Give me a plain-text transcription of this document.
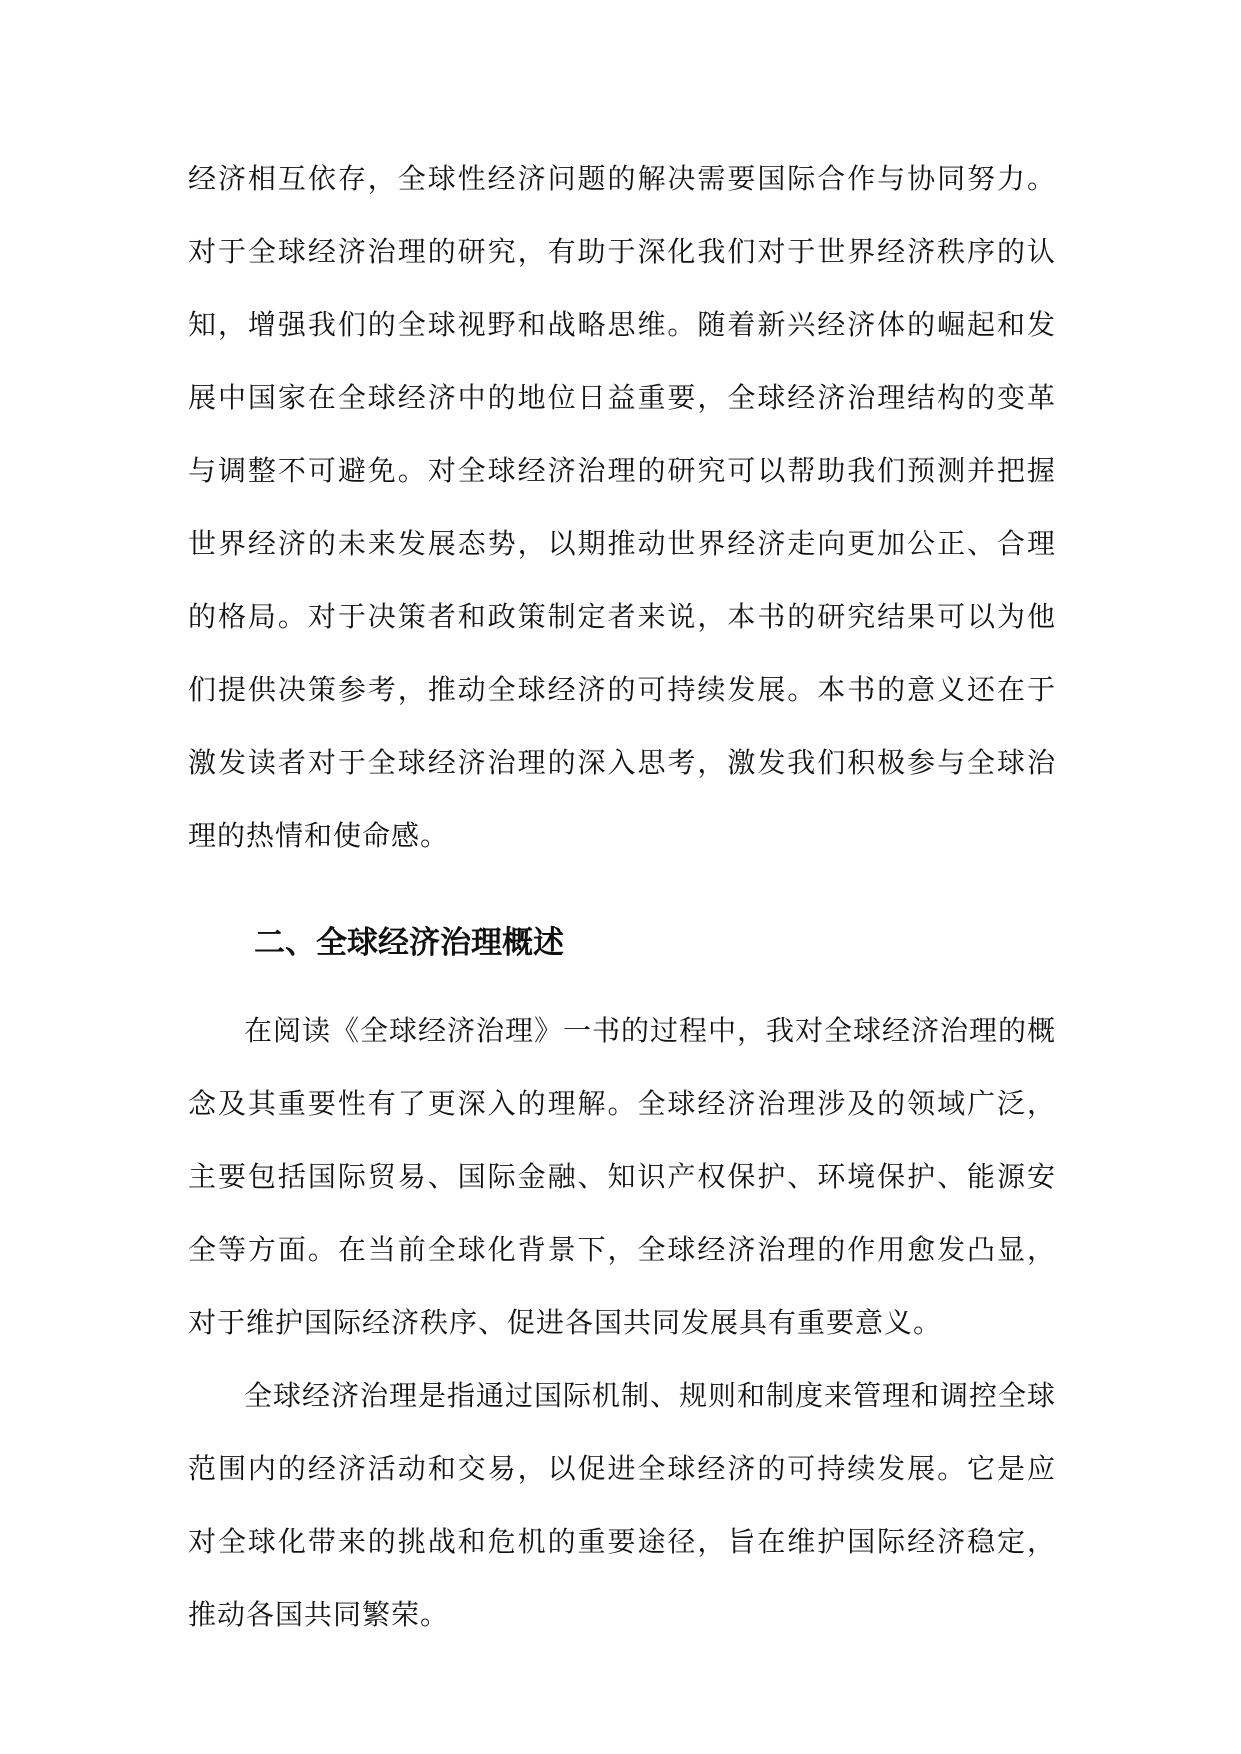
经济相互依存，全球性经济问题的解决需要国际合作与协同努力。对于全球经济治理的研究，有助于深化我们对于世界经济秩序的认知，增强我们的全球视野和战略思维。随着新兴经济体的崛起和发展中国家在全球经济中的地位日益重要，全球经济治理结构的变革与调整不可避免。对全球经济治理的研究可以帮助我们预测并把握世界经济的未来发展态势，以期推动世界经济走向更加公正、合理的格局。对于决策者和政策制定者来说，本书的研究结果可以为他们提供决策参考，推动全球经济的可持续发展。本书的意义还在于激发读者对于全球经济治理的深入思考，激发我们积极参与全球治理的热情和使命感。

二、全球经济治理概述

在阅读《全球经济治理》一书的过程中，我对全球经济治理的概念及其重要性有了更深入的理解。全球经济治理涉及的领域广泛，主要包括国际贸易、国际金融、知识产权保护、环境保护、能源安全等方面。在当前全球化背景下，全球经济治理的作用愈发凸显，对于维护国际经济秩序、促进各国共同发展具有重要意义。

全球经济治理是指通过国际机制、规则和制度来管理和调控全球范围内的经济活动和交易，以促进全球经济的可持续发展。它是应对全球化带来的挑战和危机的重要途径，旨在维护国际经济稳定，推动各国共同繁荣。
